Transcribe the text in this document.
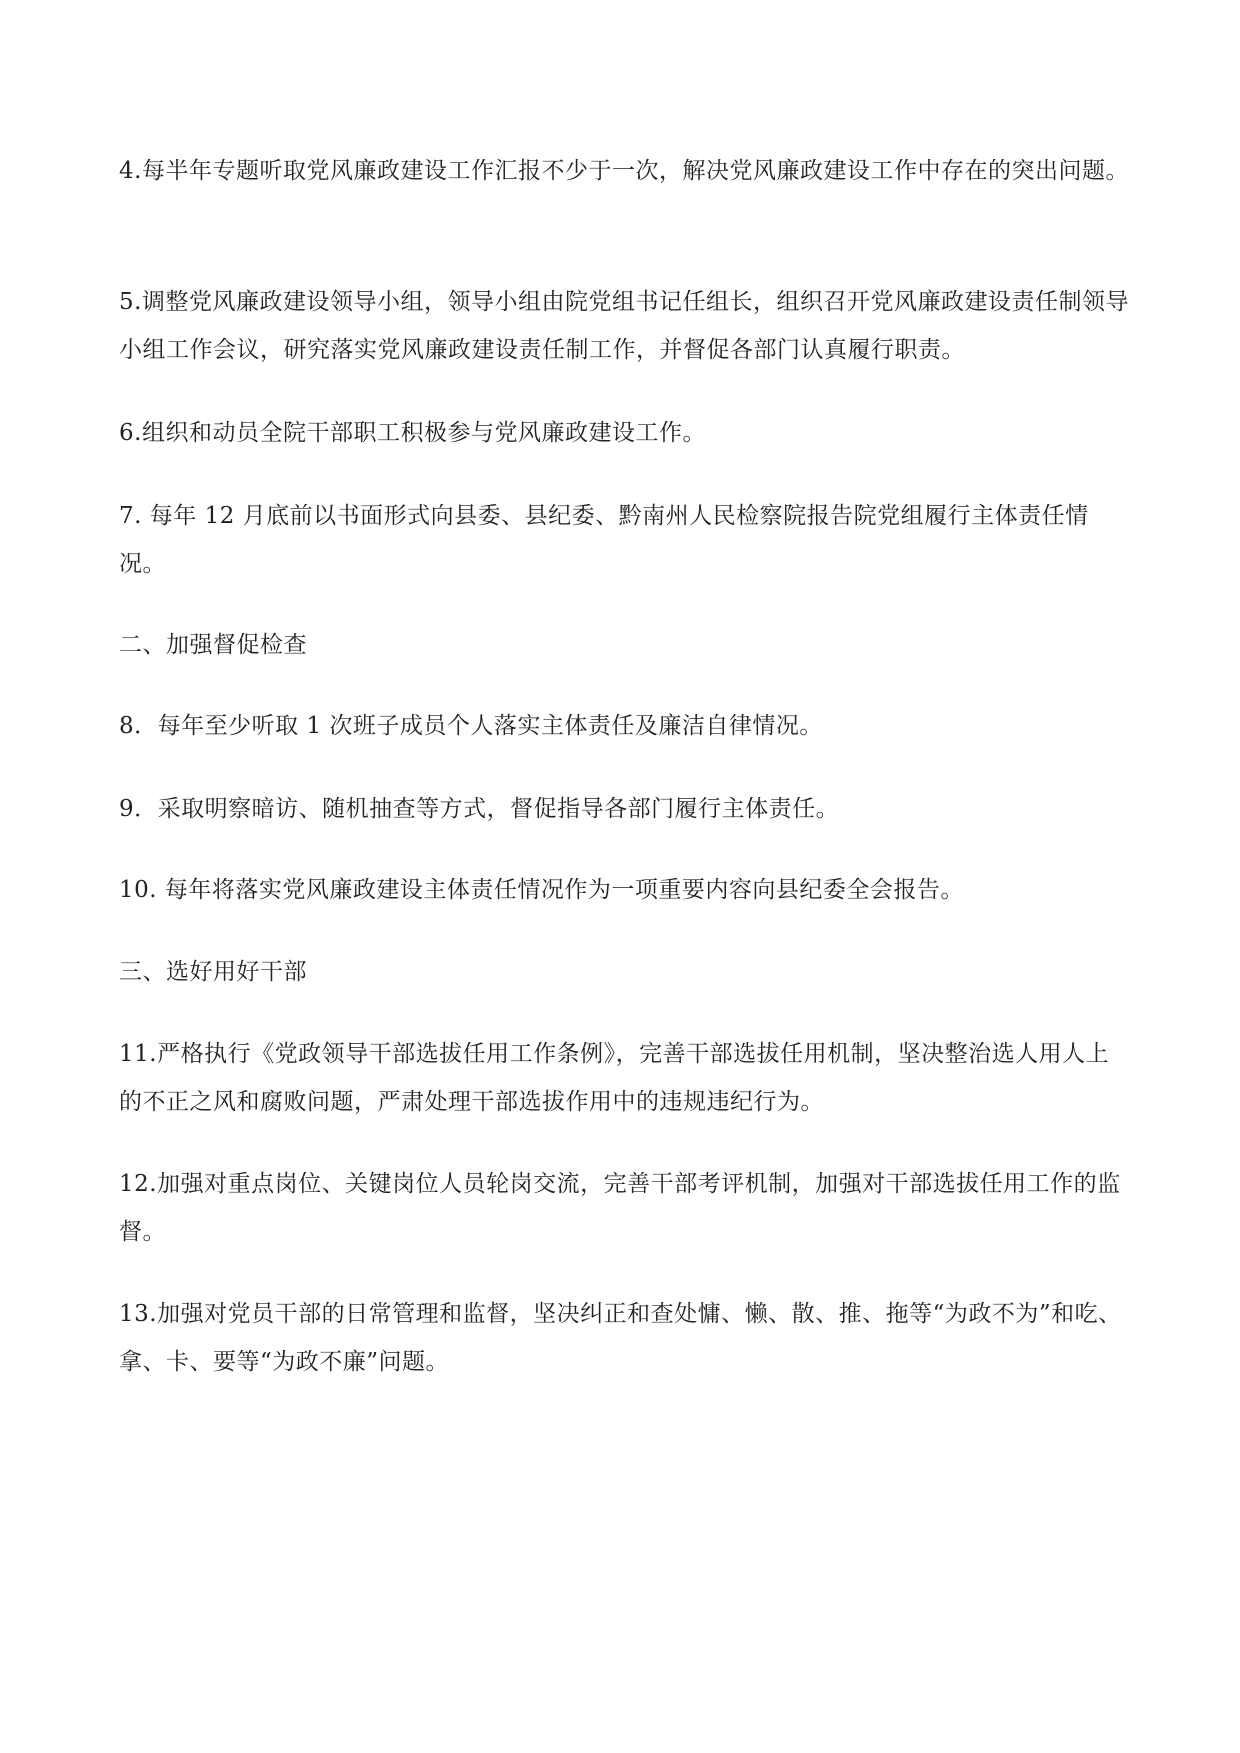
4.每半年专题听取党风廉政建设工作汇报不少于一次，解决党风廉政建设工作中存在的突出问题。

5.调整党风廉政建设领导小组，领导小组由院党组书记任组长，组织召开党风廉政建设责任制领导小组工作会议，研究落实党风廉政建设责任制工作，并督促各部门认真履行职责。

6.组织和动员全院干部职工积极参与党风廉政建设工作。

7. 每年 12 月底前以书面形式向县委、县纪委、黔南州人民检察院报告院党组履行主体责任情况。

二、加强督促检查

8．每年至少听取 1 次班子成员个人落实主体责任及廉洁自律情况。

9．采取明察暗访、随机抽查等方式，督促指导各部门履行主体责任。

10. 每年将落实党风廉政建设主体责任情况作为一项重要内容向县纪委全会报告。

三、选好用好干部

11.严格执行《党政领导干部选拔任用工作条例》，完善干部选拔任用机制，坚决整治选人用人上的不正之风和腐败问题，严肃处理干部选拔作用中的违规违纪行为。

12.加强对重点岗位、关键岗位人员轮岗交流，完善干部考评机制，加强对干部选拔任用工作的监督。

13.加强对党员干部的日常管理和监督，坚决纠正和查处慵、懒、散、推、拖等“为政不为”和吃、拿、卡、要等“为政不廉”问题。
